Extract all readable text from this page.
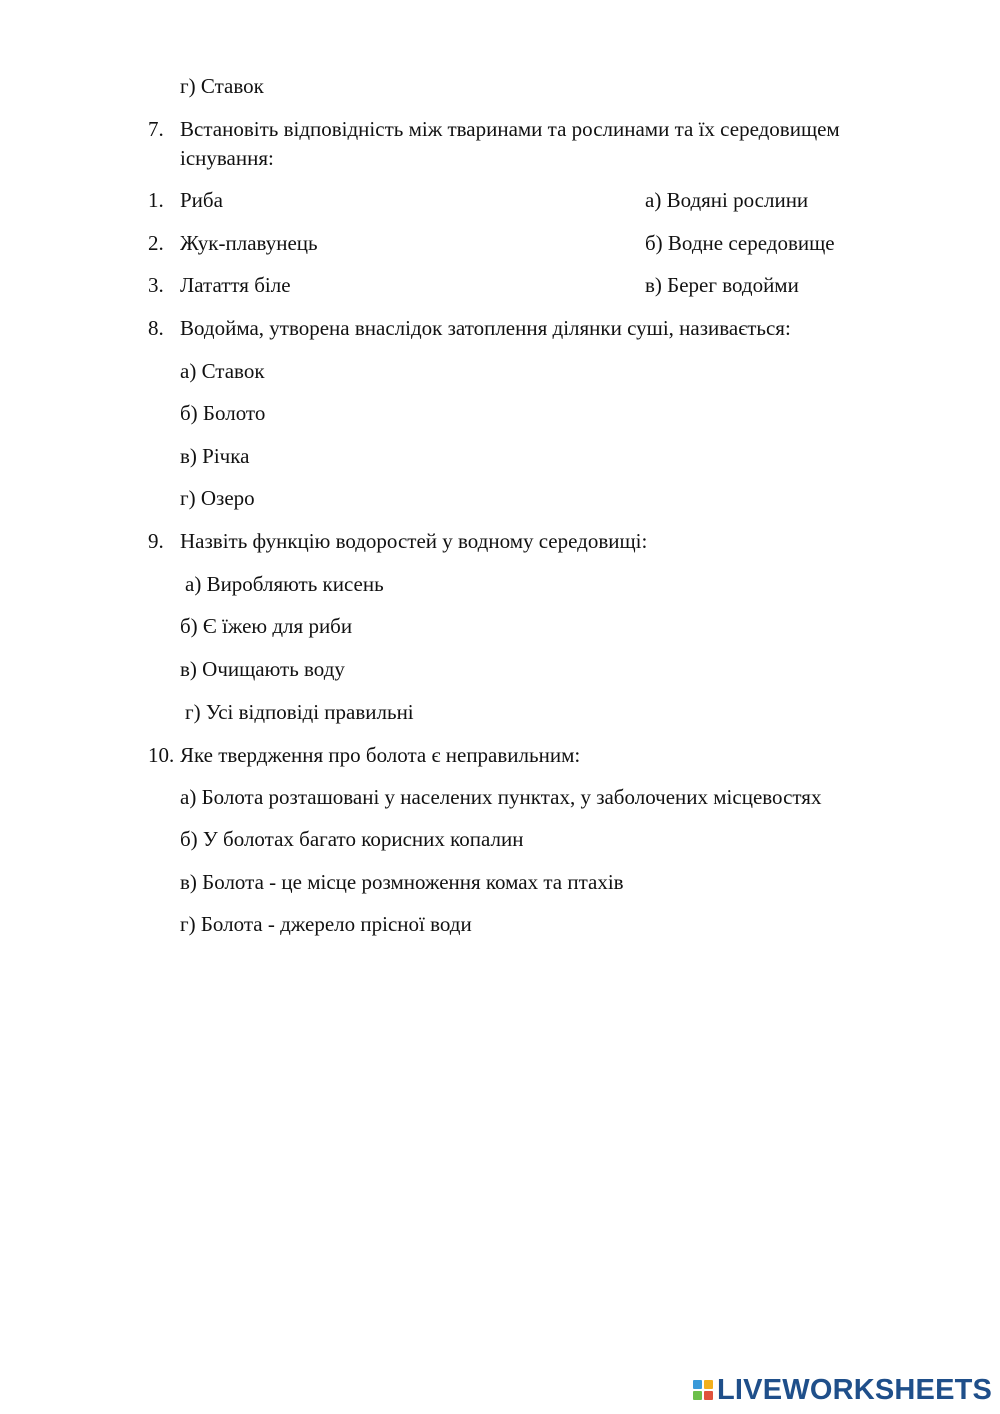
г) Ставок
7. Встановіть відповідність між тваринами та рослинами та їх середовищем
існування:
1. Риба	а) Водяні рослини
2. Жук-плавунець	б) Водне середовище
3. Латаття біле	в) Берег водойми
8. Водойма, утворена внаслідок затоплення ділянки суші, називається:
а) Ставок
б) Болото
в) Річка
г) Озеро
9. Назвіть функцію водоростей у водному середовищі:
а) Виробляють кисень
б) Є їжею для риби
в) Очищають воду
г) Усі відповіді правильні
10. Яке твердження про болота є неправильним:
а) Болота розташовані у населених пунктах, у заболочених місцевостях
б) У болотах багато корисних копалин
в) Болота - це місце розмноження комах та птахів
г) Болота - джерело прісної води
LIVEWORKSHEETS
